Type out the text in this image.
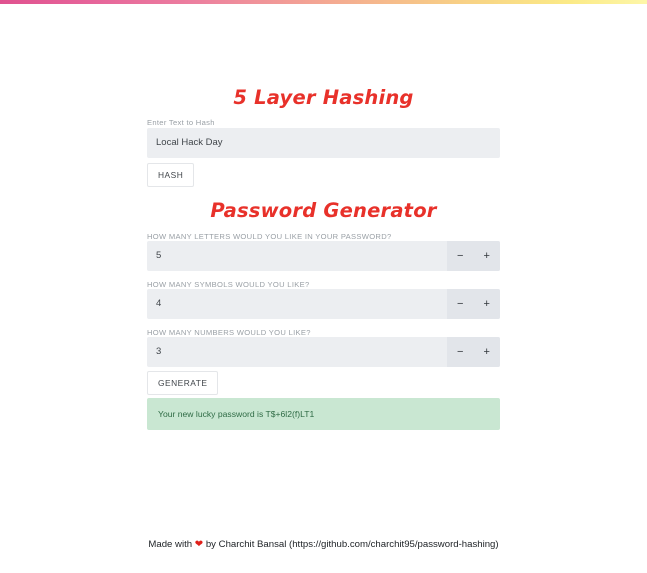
5 Layer Hashing
Enter Text to Hash
Local Hack Day
HASH
Password Generator
HOW MANY LETTERS WOULD YOU LIKE IN YOUR PASSWORD?
5	−	+
HOW MANY SYMBOLS WOULD YOU LIKE?
4	−	+
HOW MANY NUMBERS WOULD YOU LIKE?
3	−	+
GENERATE
Your new lucky password is T$+6l2(f)LT1
Made with ❤ by Charchit Bansal (https://github.com/charchit95/password-hashing)
